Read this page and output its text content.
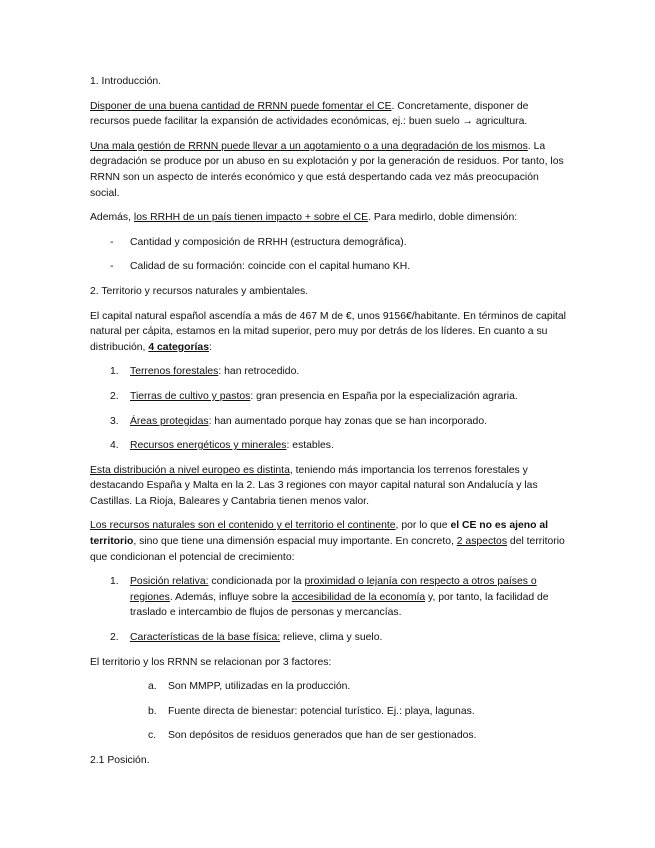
1. Introducción.

Disponer de una buena cantidad de RRNN puede fomentar el CE. Concretamente, disponer de recursos puede facilitar la expansión de actividades económicas, ej.: buen suelo → agricultura.

Una mala gestión de RRNN puede llevar a un agotamiento o a una degradación de los mismos. La degradación se produce por un abuso en su explotación y por la generación de residuos. Por tanto, los RRNN son un aspecto de interés económico y que está despertando cada vez más preocupación social.

Además, los RRHH de un país tienen impacto + sobre el CE. Para medirlo, doble dimensión:

- Cantidad y composición de RRHH (estructura demográfica).
- Calidad de su formación: coincide con el capital humano KH.

2. Territorio y recursos naturales y ambientales.

El capital natural español ascendía a más de 467 M de €, unos 9156€/habitante. En términos de capital natural per cápita, estamos en la mitad superior, pero muy por detrás de los líderes. En cuanto a su distribución, 4 categorías:

1. Terrenos forestales: han retrocedido.
2. Tierras de cultivo y pastos: gran presencia en España por la especialización agraria.
3. Áreas protegidas: han aumentado porque hay zonas que se han incorporado.
4. Recursos energéticos y minerales: estables.

Esta distribución a nivel europeo es distinta, teniendo más importancia los terrenos forestales y destacando España y Malta en la 2. Las 3 regiones con mayor capital natural son Andalucía y las Castillas. La Rioja, Baleares y Cantabria tienen menos valor.

Los recursos naturales son el contenido y el territorio el continente, por lo que el CE no es ajeno al territorio, sino que tiene una dimensión espacial muy importante. En concreto, 2 aspectos del territorio que condicionan el potencial de crecimiento:

1. Posición relativa: condicionada por la proximidad o lejanía con respecto a otros países o regiones. Además, influye sobre la accesibilidad de la economía y, por tanto, la facilidad de traslado e intercambio de flujos de personas y mercancías.
2. Características de la base física: relieve, clima y suelo.

El territorio y los RRNN se relacionan por 3 factores:

a. Son MMPP, utilizadas en la producción.
b. Fuente directa de bienestar: potencial turístico. Ej.: playa, lagunas.
c. Son depósitos de residuos generados que han de ser gestionados.

2.1 Posición.
